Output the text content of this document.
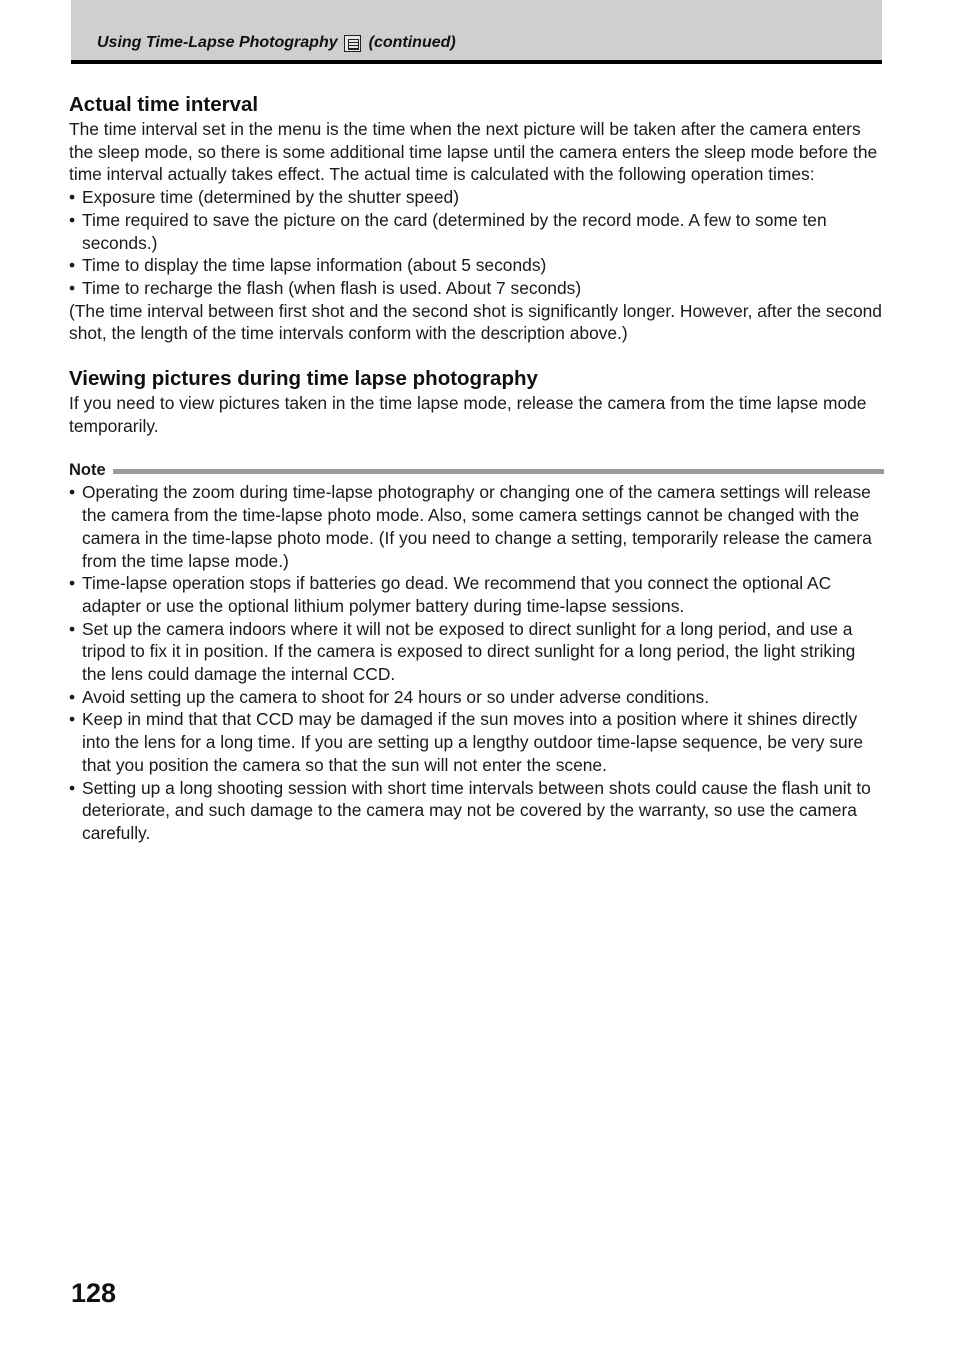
Using Time-Lapse Photography (continued)
Actual time interval

The time interval set in the menu is the time when the next picture will be taken after the camera enters the sleep mode, so there is some additional time lapse until the camera enters the sleep mode before the time interval actually takes effect. The actual time is calculated with the following operation times:

• Exposure time (determined by the shutter speed)
• Time required to save the picture on the card (determined by the record mode. A few to some ten seconds.)
• Time to display the time lapse information (about 5 seconds)
• Time to recharge the flash (when flash is used. About 7 seconds)

(The time interval between first shot and the second shot is significantly longer. However, after the second shot, the length of the time intervals conform with the description above.)

Viewing pictures during time lapse photography

If you need to view pictures taken in the time lapse mode, release the camera from the time lapse mode temporarily.

Note
• Operating the zoom during time-lapse photography or changing one of the camera settings will release the camera from the time-lapse photo mode. Also, some camera settings cannot be changed with the camera in the time-lapse photo mode. (If you need to change a setting, temporarily release the camera from the time lapse mode.)
• Time-lapse operation stops if batteries go dead. We recommend that you connect the optional AC adapter or use the optional lithium polymer battery during time-lapse sessions.
• Set up the camera indoors where it will not be exposed to direct sunlight for a long period, and use a tripod to fix it in position. If the camera is exposed to direct sunlight for a long period, the light striking the lens could damage the internal CCD.
• Avoid setting up the camera to shoot for 24 hours or so under adverse conditions.
• Keep in mind that that CCD may be damaged if the sun moves into a position where it shines directly into the lens for a long time. If you are setting up a lengthy outdoor time-lapse sequence, be very sure that you position the camera so that the sun will not enter the scene.
• Setting up a long shooting session with short time intervals between shots could cause the flash unit to deteriorate, and such damage to the camera may not be covered by the warranty, so use the camera carefully.
128
